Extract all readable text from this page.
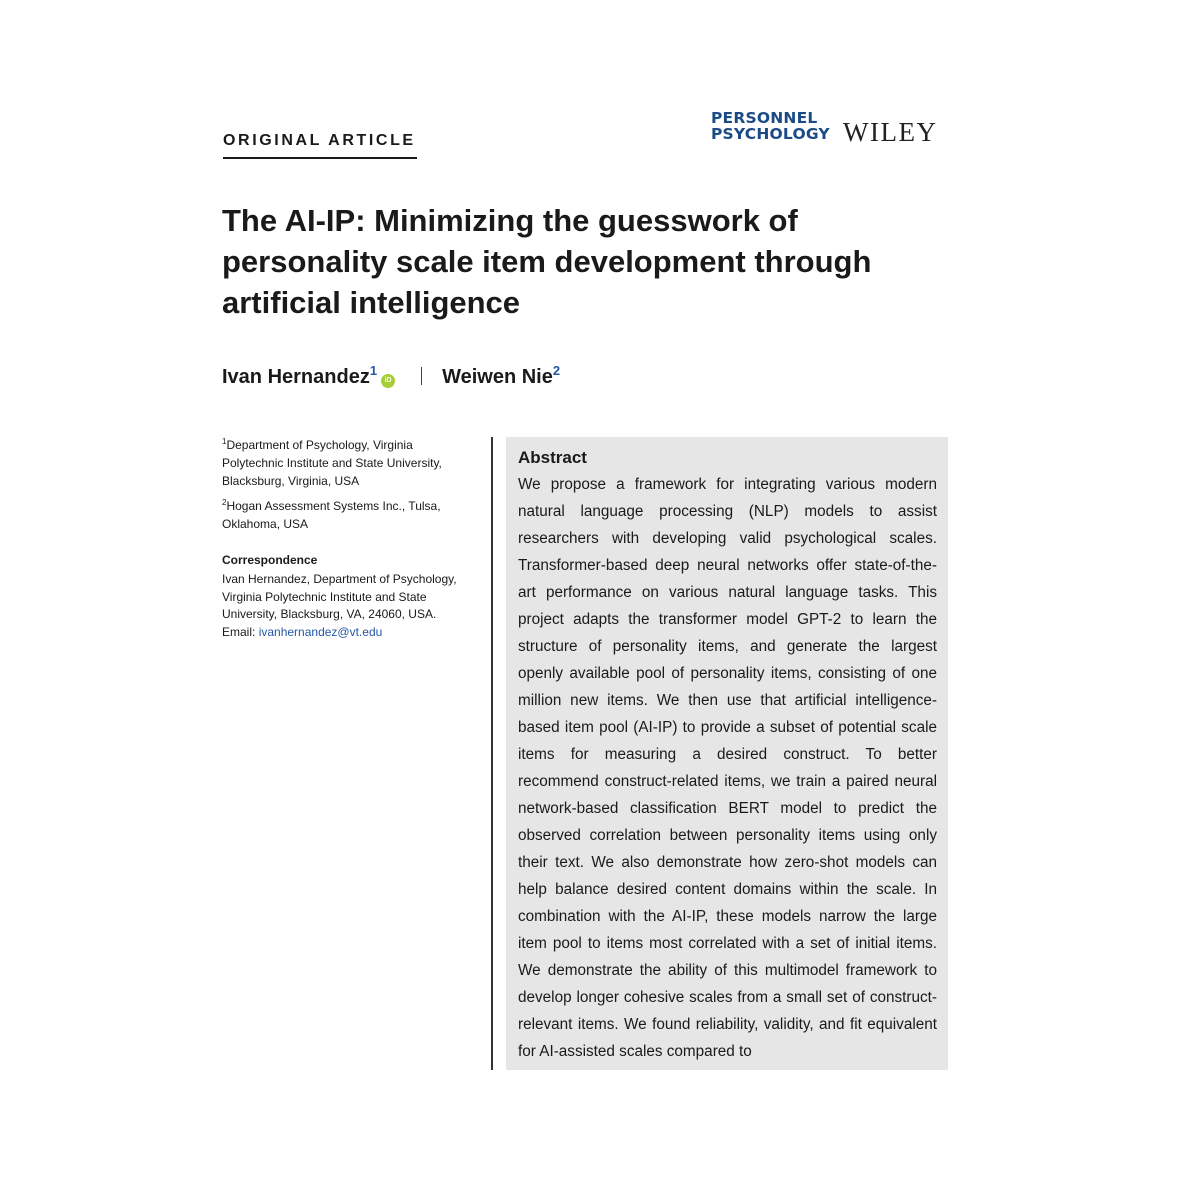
ORIGINAL ARTICLE
PERSONNEL
PSYCHOLOGY WILEY
The AI-IP: Minimizing the guesswork of personality scale item development through artificial intelligence
Ivan Hernandez$^1$iD	Weiwen Nie$^2$

$^1$Department of Psychology, Virginia Polytechnic Institute and State University, Blacksburg, Virginia, USA

$^2$Hogan Assessment Systems Inc., Tulsa, Oklahoma, USA

Correspondence

Ivan Hernandez, Department of Psychology, Virginia Polytechnic Institute and State University, Blacksburg, VA, 24060, USA.
Email: ivanhernandez@vt.edu

Abstract

We propose a framework for integrating various modern natural language processing (NLP) models to assist researchers with developing valid psychological scales. Transformer-based deep neural networks offer state-of-the-art performance on various natural language tasks. This project adapts the transformer model GPT-2 to learn the structure of personality items, and generate the largest openly available pool of personality items, consisting of one million new items. We then use that artificial intelligence-based item pool (AI-IP) to provide a subset of potential scale items for measuring a desired construct. To better recommend construct-related items, we train a paired neural network-based classification BERT model to predict the observed correlation between personality items using only their text. We also demonstrate how zero-shot models can help balance desired content domains within the scale. In combination with the AI-IP, these models narrow the large item pool to items most correlated with a set of initial items. We demonstrate the ability of this multimodel framework to develop longer cohesive scales from a small set of construct-relevant items. We found reliability, validity, and fit equivalent for AI-assisted scales compared to
